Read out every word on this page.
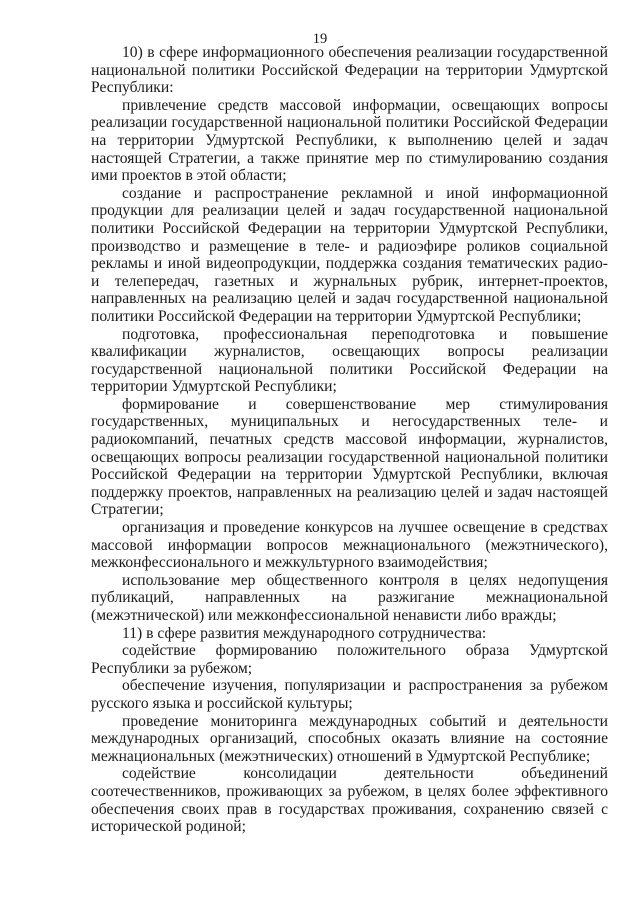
19

10) в сфере информационного обеспечения реализации государственной национальной политики Российской Федерации на территории Удмуртской Республики:

привлечение средств массовой информации, освещающих вопросы реализации государственной национальной политики Российской Федерации на территории Удмуртской Республики, к выполнению целей и задач настоящей Стратегии, а также принятие мер по стимулированию создания ими проектов в этой области;

создание и распространение рекламной и иной информационной продукции для реализации целей и задач государственной национальной политики Российской Федерации на территории Удмуртской Республики, производство и размещение в теле- и радиоэфире роликов социальной рекламы и иной видеопродукции, поддержка создания тематических радио- и телепередач, газетных и журнальных рубрик, интернет-проектов, направленных на реализацию целей и задач государственной национальной политики Российской Федерации на территории Удмуртской Республики;

подготовка, профессиональная переподготовка и повышение квалификации журналистов, освещающих вопросы реализации государственной национальной политики Российской Федерации на территории Удмуртской Республики;

формирование и совершенствование мер стимулирования государственных, муниципальных и негосударственных теле- и радиокомпаний, печатных средств массовой информации, журналистов, освещающих вопросы реализации государственной национальной политики Российской Федерации на территории Удмуртской Республики, включая поддержку проектов, направленных на реализацию целей и задач настоящей Стратегии;

организация и проведение конкурсов на лучшее освещение в средствах массовой информации вопросов межнационального (межэтнического), межконфессионального и межкультурного взаимодействия;

использование мер общественного контроля в целях недопущения публикаций, направленных на разжигание межнациональной (межэтнической) или межконфессиональной ненависти либо вражды;

11) в сфере развития международного сотрудничества:

содействие формированию положительного образа Удмуртской Республики за рубежом;

обеспечение изучения, популяризации и распространения за рубежом русского языка и российской культуры;

проведение мониторинга международных событий и деятельности международных организаций, способных оказать влияние на состояние межнациональных (межэтнических) отношений в Удмуртской Республике;

содействие консолидации деятельности объединений соотечественников, проживающих за рубежом, в целях более эффективного обеспечения своих прав в государствах проживания, сохранению связей с исторической родиной;
